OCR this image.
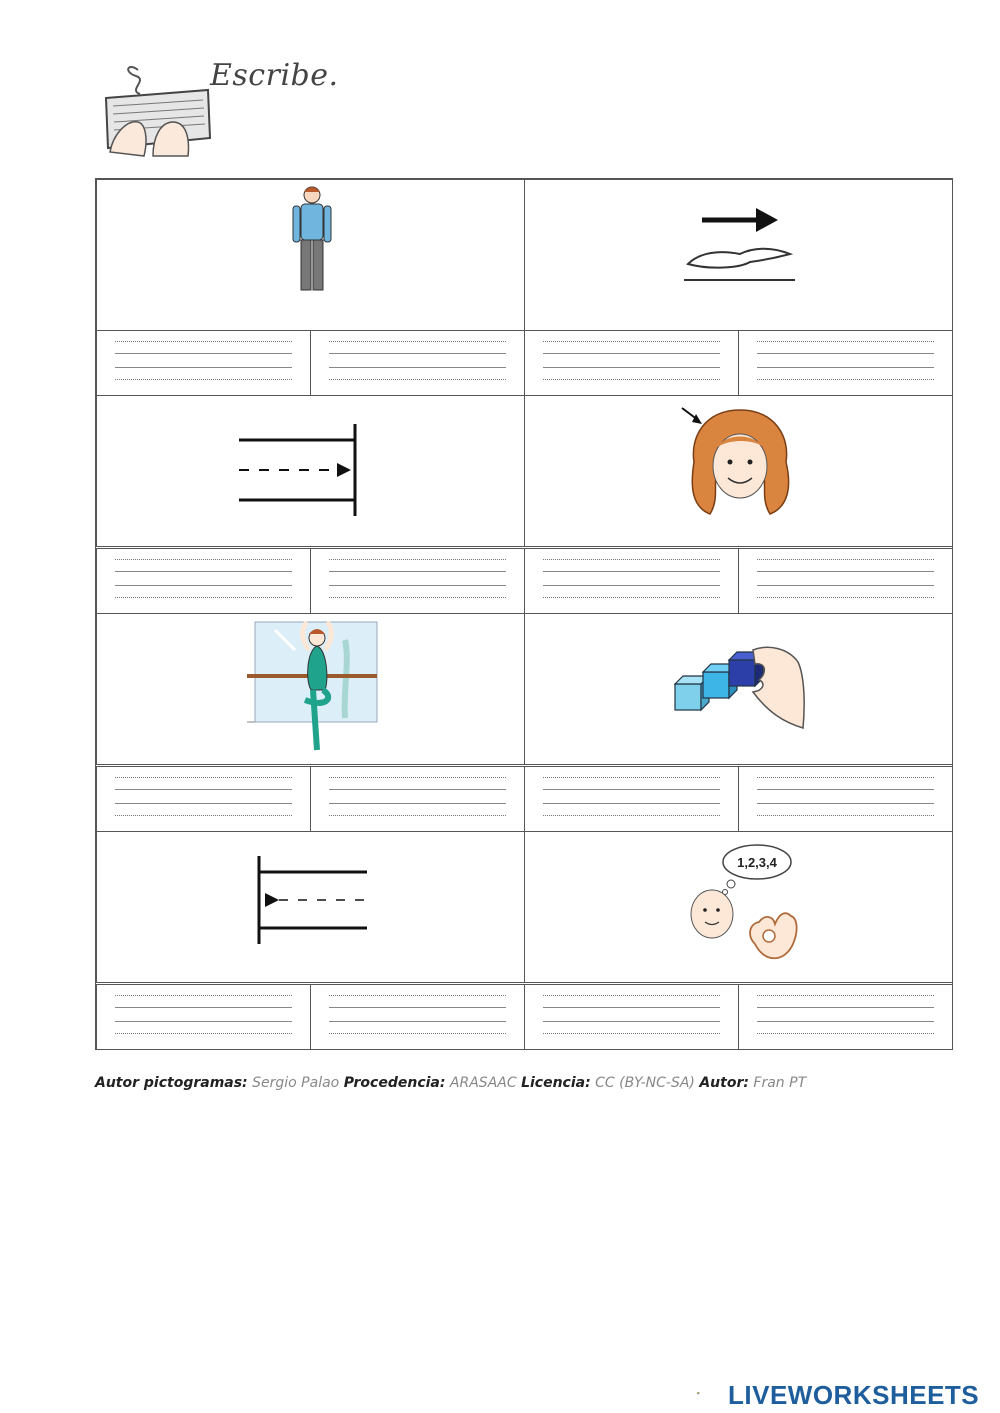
Escribe.
1,2,3,4
Autor pictogramas: Sergio Palao Procedencia: ARASAAC Licencia: CC (BY-NC-SA) Autor: Fran PT
LIVEWORKSHEETS
